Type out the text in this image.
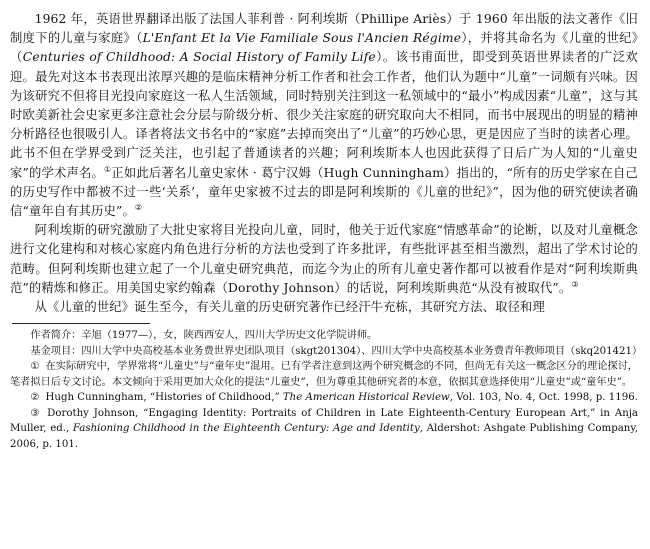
1962 年，英语世界翻译出版了法国人菲利普 · 阿利埃斯（Phillipe Ariès）于 1960 年出版的法文著作《旧制度下的儿童与家庭》（L'Enfant Et la Vie Familiale Sous l'Ancien Régime），并将其命名为《儿童的世纪》（Centuries of Childhood: A Social History of Family Life）。该书甫面世，即受到英语世界读者的广泛欢迎。最先对这本书表现出浓厚兴趣的是临床精神分析工作者和社会工作者，他们认为题中“儿童”一词颇有兴味。因为该研究不但将目光投向家庭这一私人生活领域，同时特别关注到这一私领域中的“最小”构成因素“儿童”，这与其时欧美新社会史家更多注意社会分层与阶级分析、很少关注家庭的研究取向大不相同，而书中展现出的明显的精神分析路径也很吸引人。译者将法文书名中的“家庭”去掉而突出了“儿童”的巧妙心思，更是因应了当时的读者心理。此书不但在学界受到广泛关注，也引起了普通读者的兴趣；阿利埃斯本人也因此获得了日后广为人知的“儿童史家”的学术声名。①正如此后著名儿童史家休 · 葛宁汉姆（Hugh Cunningham）指出的，“所有的历史学家在自己的历史写作中都被不过一些‘关系’，童年史家被不过去的即是阿利埃斯的《儿童的世纪》”，因为他的研究使读者确信“童年自有其历史”。②

阿利埃斯的研究激励了大批史家将目光投向儿童，同时，他关于近代家庭“情感革命”的论断，以及对儿童概念进行文化建构和对核心家庭内角色进行分析的方法也受到了许多批评，有些批评甚至相当激烈，超出了学术讨论的范畴。但阿利埃斯也建立起了一个儿童史研究典范，而迄今为止的所有儿童史著作都可以被看作是对“阿利埃斯典范”的精炼和修正。用美国史家约翰森（Dorothy Johnson）的话说，阿利埃斯典范“从没有被取代”。③

从《儿童的世纪》诞生至今，有关儿童的历史研究著作已经汗牛充栋，其研究方法、取径和理

作者简介：辛旭（1977—），女，陕西西安人，四川大学历史文化学院讲师。

基金项目：四川大学中央高校基本业务费世界史团队项目（skgt201304）、四川大学中央高校基本业务费青年教师项目（skq201421）

① 在实际研究中，学界常将“儿童史”与“童年史”混用。已有学者注意到这两个研究概念的不同，但尚无有关这一概念区分的理论探讨，笔者拟日后专文讨论。本文倾向于采用更加大众化的提法“儿童史”，但为尊重其他研究者的本意，依据其意选择使用“儿童史”或“童年史”。

② Hugh Cunningham, “Histories of Childhood,” The American Historical Review, Vol. 103, No. 4, Oct. 1998, p. 1196.

③ Dorothy Johnson, “Engaging Identity: Portraits of Children in Late Eighteenth-Century European Art,” in Anja Muller, ed., Fashioning Childhood in the Eighteenth Century: Age and Identity, Aldershot: Ashgate Publishing Company, 2006, p. 101.
